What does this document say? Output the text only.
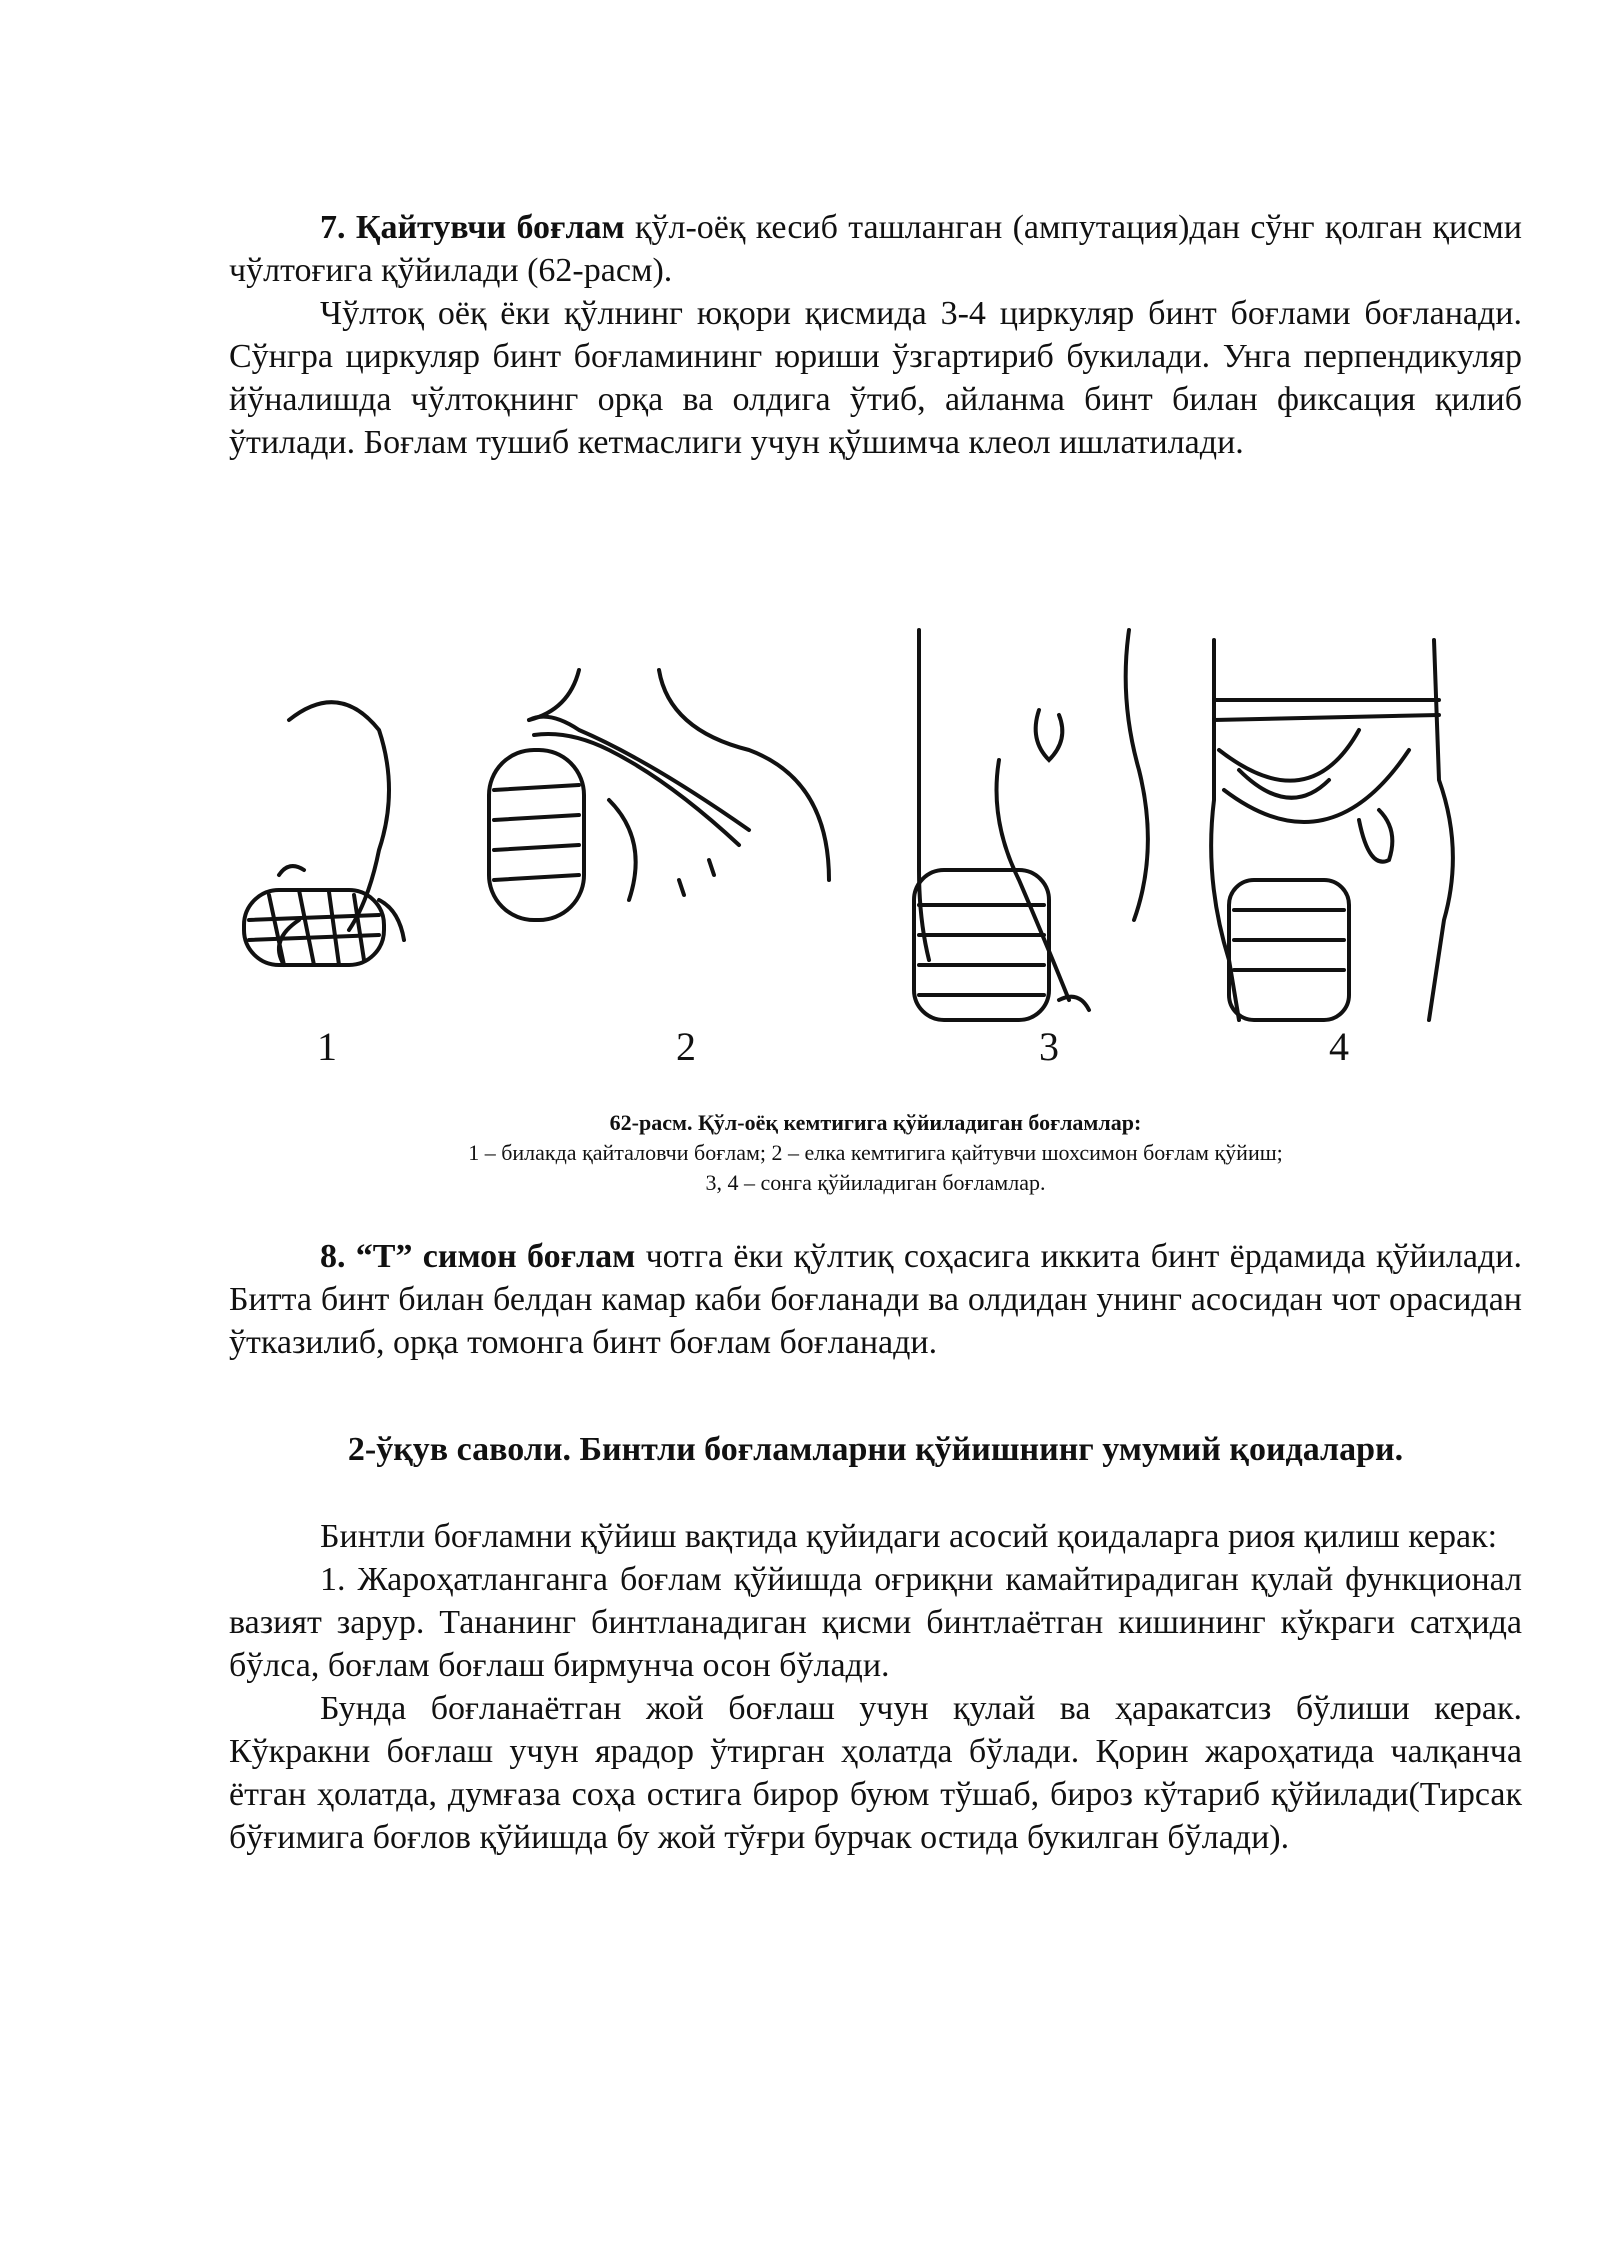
7. Қайтувчи боғлам қўл-оёқ кесиб ташланган (ампутация)дан сўнг қолган қисми чўлтоғига қўйилади (62-расм).

Чўлтоқ оёқ ёки қўлнинг юқори қисмида 3-4 циркуляр бинт боғлами боғланади. Сўнгра циркуляр бинт боғламининг юриши ўзгартириб букилади. Унга перпендикуляр йўналишда чўлтоқнинг орқа ва олдига ўтиб, айланма бинт билан фиксация қилиб ўтилади. Боғлам тушиб кетмаслиги учун қўшимча клеол ишлатилади.

1	2	3	4
62-расм. Қўл-оёқ кемтигига қўйиладиган боғламлар:
1 – билакда қайталовчи боғлам; 2 – елка кемтигига қайтувчи шохсимон боғлам қўйиш;
3, 4 – сонга қўйиладиган боғламлар.

8. “Т” симон боғлам чотга ёки қўлтиқ соҳасига иккита бинт ёрдамида қўйилади. Битта бинт билан белдан камар каби боғланади ва олдидан унинг асосидан чот орасидан ўтказилиб, орқа томонга бинт боғлам боғланади.

2-ўқув саволи. Бинтли боғламларни қўйишнинг умумий қоидалари.

Бинтли боғламни қўйиш вақтида қуйидаги асосий қоидаларга риоя қилиш керак:

1. Жароҳатланганга боғлам қўйишда оғриқни камайтирадиган қулай функционал вазият зарур. Тананинг бинтланадиган қисми бинтлаётган кишининг кўкраги сатҳида бўлса, боғлам боғлаш бирмунча осон бўлади.

Бунда боғланаётган жой боғлаш учун қулай ва ҳаракатсиз бўлиши керак. Кўкракни боғлаш учун ярадор ўтирган ҳолатда бўлади. Қорин жароҳатида чалқанча ётган ҳолатда, думғаза соҳа остига бирор буюм тўшаб, бироз кўтариб қўйилади(Тирсак бўғимига боғлов қўйишда бу жой тўғри бурчак остида букилган бўлади).
